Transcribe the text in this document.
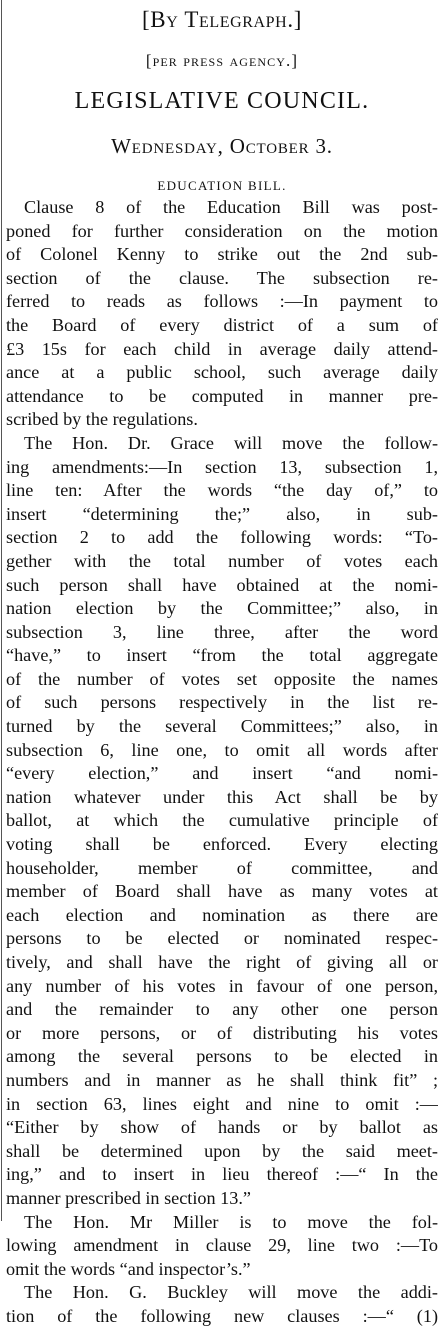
[By Telegraph.]

[per press agency.]

LEGISLATIVE COUNCIL.

Wednesday, October 3.

EDUCATION BILL.

Clause 8 of the Education Bill was post-
poned for further consideration on the motion
of Colonel Kenny to strike out the 2nd sub-
section of the clause. The subsection re-
ferred to reads as follows :—In payment to
the Board of every district of a sum of
£3 15s for each child in average daily attend-
ance at a public school, such average daily
attendance to be computed in manner pre-
scribed by the regulations.
The Hon. Dr. Grace will move the follow-
ing amendments:—In section 13, subsection 1,
line ten: After the words “the day of,” to
insert “determining the;” also, in sub-
section 2 to add the following words: “To-
gether with the total number of votes each
such person shall have obtained at the nomi-
nation election by the Committee;” also, in
subsection 3, line three, after the word
“have,” to insert “from the total aggregate
of the number of votes set opposite the names
of such persons respectively in the list re-
turned by the several Committees;” also, in
subsection 6, line one, to omit all words after
“every election,” and insert “and nomi-
nation whatever under this Act shall be by
ballot, at which the cumulative principle of
voting shall be enforced. Every electing
householder, member of committee, and
member of Board shall have as many votes at
each election and nomination as there are
persons to be elected or nominated respec-
tively, and shall have the right of giving all or
any number of his votes in favour of one person,
and the remainder to any other one person
or more persons, or of distributing his votes
among the several persons to be elected in
numbers and in manner as he shall think fit” ;
in section 63, lines eight and nine to omit :—
“Either by show of hands or by ballot as
shall be determined upon by the said meet-
ing,” and to insert in lieu thereof :—“ In the
manner prescribed in section 13.”
The Hon. Mr Miller is to move the fol-
lowing amendment in clause 29, line two :—To
omit the words “and inspector’s.”
The Hon. G. Buckley will move the addi-
tion of the following new clauses :—“ (1)
